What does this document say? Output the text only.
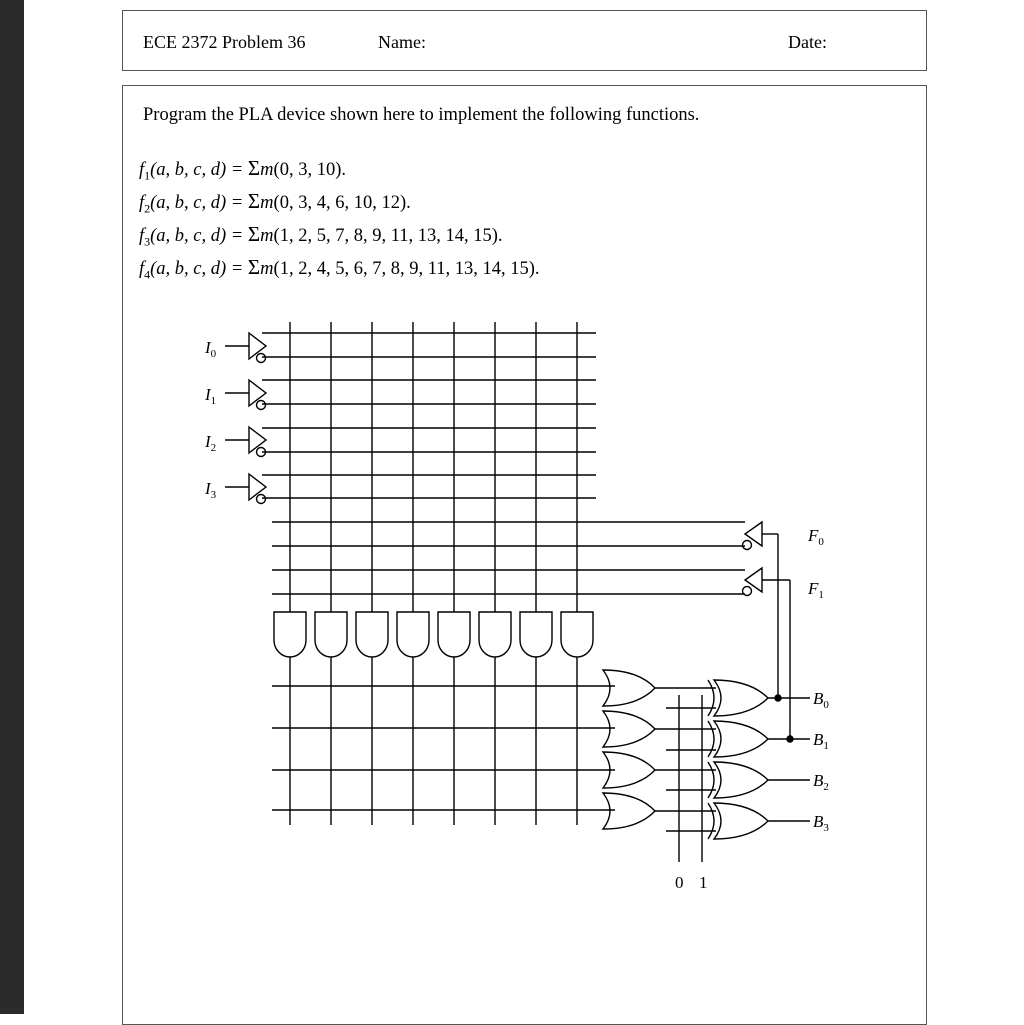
ECE 2372 Problem 36	Name:	Date:
Program the PLA device shown here to implement the following functions.
$f_1(a$, b, c, d) = Σm(0, 3, 10).
$f_2(a$, b, c, d) = Σm(0, 3, 4, 6, 10, 12).
$f_3(a$, b, c, d) = Σm(1, 2, 5, 7, 8, 9, 11, 13, 14, 15).
$f_4(a$, b, c, d) = Σm(1, 2, 4, 5, 6, 7, 8, 9, 11, 13, 14, 15).
$I_0$
$I_1$
$I_2$
$I_3$
$F_0$
$F_1$
$B_0$
$B_1$
$B_2$
$B_3$
0 1
